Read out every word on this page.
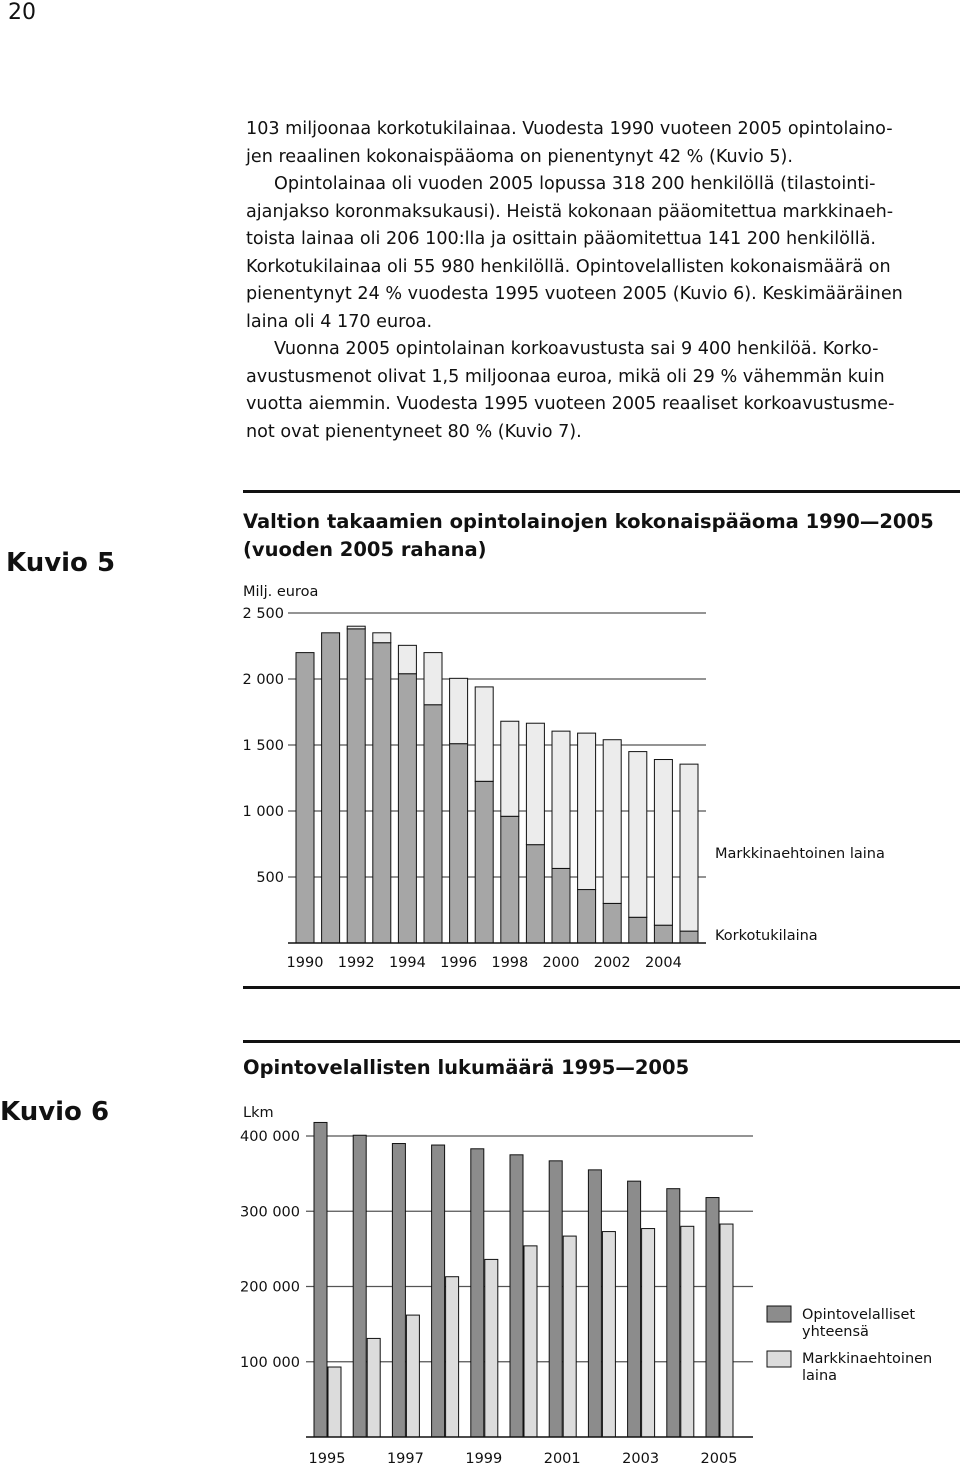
20
103 miljoonaa korkotukilainaa. Vuodesta 1990 vuoteen 2005 opintolaino-
jen reaalinen kokonaispääoma on pienentynyt 42 % (Kuvio 5).
Opintolainaa oli vuoden 2005 lopussa 318 200 henkilöllä (tilastointi-
ajanjakso koronmaksukausi). Heistä kokonaan pääomitettua markkinaeh-
toista lainaa oli 206 100:lla ja osittain pääomitettua 141 200 henkilöllä.
Korkotukilainaa oli 55 980 henkilöllä. Opintovelallisten kokonaismäärä on
pienentynyt 24 % vuodesta 1995 vuoteen 2005 (Kuvio 6). Keskimääräinen
laina oli 4 170 euroa.
Vuonna 2005 opintolainan korkoavustusta sai 9 400 henkilöä. Korko-
avustusmenot olivat 1,5 miljoonaa euroa, mikä oli 29 % vähemmän kuin
vuotta aiemmin. Vuodesta 1995 vuoteen 2005 reaaliset korkoavustusme-
not ovat pienentyneet 80 % (Kuvio 7).
Kuvio 5
Valtion takaamien opintolainojen kokonaispääoma 1990—2005
(vuoden 2005 rahana)
Kuvio 6
Opintovelallisten lukumäärä 1995—2005
Milj. euroa
500
1 000
1 500
2 000
2 500
1990 1992 1994 1996 1998 2000 2002 2004
Markkinaehtoinen laina
Korkotukilaina
Lkm
100 000
200 000
300 000
400 000
1995	1997	1999	2001	2003	2005
Opintovelalliset
yhteensä
Markkinaehtoinen
laina
